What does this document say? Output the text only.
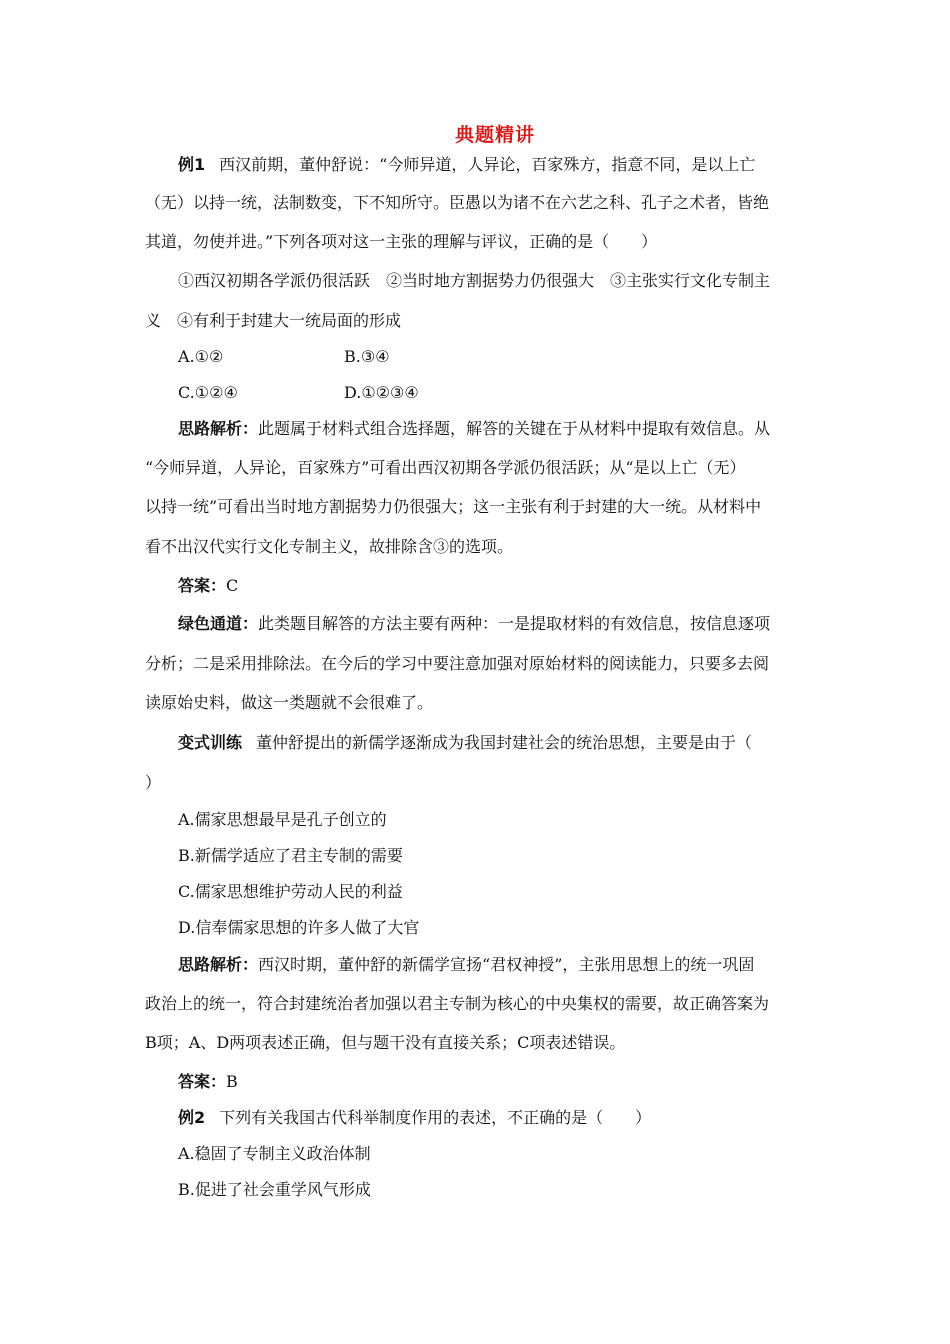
典题精讲
例1 西汉前期，董仲舒说：“今师异道，人异论，百家殊方，指意不同，是以上亡
（无）以持一统，法制数变，下不知所守。臣愚以为诸不在六艺之科、孔子之术者，皆绝
其道，勿使并进。”下列各项对这一主张的理解与评议，正确的是（　　）
①西汉初期各学派仍很活跃　②当时地方割据势力仍很强大　③主张实行文化专制主
义　④有利于封建大一统局面的形成
A.①②	B.③④
C.①②④	D.①②③④
思路解析：此题属于材料式组合选择题，解答的关键在于从材料中提取有效信息。从
“今师异道，人异论，百家殊方”可看出西汉初期各学派仍很活跃；从“是以上亡（无）
以持一统”可看出当时地方割据势力仍很强大；这一主张有利于封建的大一统。从材料中
看不出汉代实行文化专制主义，故排除含③的选项。
答案：C
绿色通道：此类题目解答的方法主要有两种：一是提取材料的有效信息，按信息逐项
分析；二是采用排除法。在今后的学习中要注意加强对原始材料的阅读能力，只要多去阅
读原始史料，做这一类题就不会很难了。
变式训练 董仲舒提出的新儒学逐渐成为我国封建社会的统治思想，主要是由于（
）
A.儒家思想最早是孔子创立的
B.新儒学适应了君主专制的需要
C.儒家思想维护劳动人民的利益
D.信奉儒家思想的许多人做了大官
思路解析：西汉时期，董仲舒的新儒学宣扬“君权神授”，主张用思想上的统一巩固
政治上的统一，符合封建统治者加强以君主专制为核心的中央集权的需要，故正确答案为
B项；A、D两项表述正确，但与题干没有直接关系；C项表述错误。
答案：B
例2 下列有关我国古代科举制度作用的表述，不正确的是（　　）
A.稳固了专制主义政治体制
B.促进了社会重学风气形成
